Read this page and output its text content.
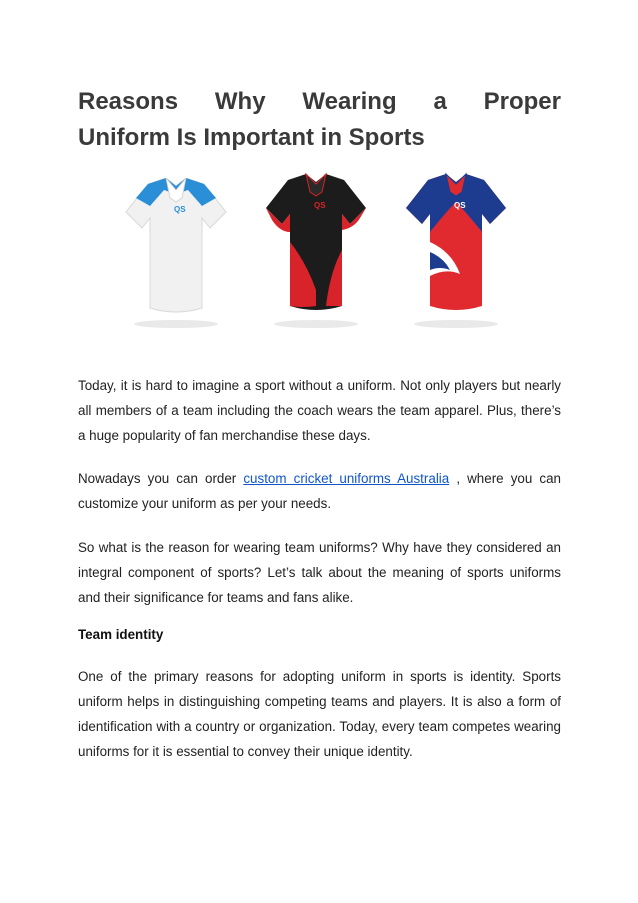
Reasons Why Wearing a Proper
Uniform Is Important in Sports
QS	QS	QS

Today, it is hard to imagine a sport without a uniform. Not only players but nearly all members of a team including the coach wears the team apparel. Plus, there’s a huge popularity of fan merchandise these days.

Nowadays you can order custom cricket uniforms Australia , where you can customize your uniform as per your needs.

So what is the reason for wearing team uniforms? Why have they considered an integral component of sports? Let’s talk about the meaning of sports uniforms and their significance for teams and fans alike.

Team identity

One of the primary reasons for adopting uniform in sports is identity. Sports uniform helps in distinguishing competing teams and players. It is also a form of identification with a country or organization. Today, every team competes wearing uniforms for it is essential to convey their unique identity.
